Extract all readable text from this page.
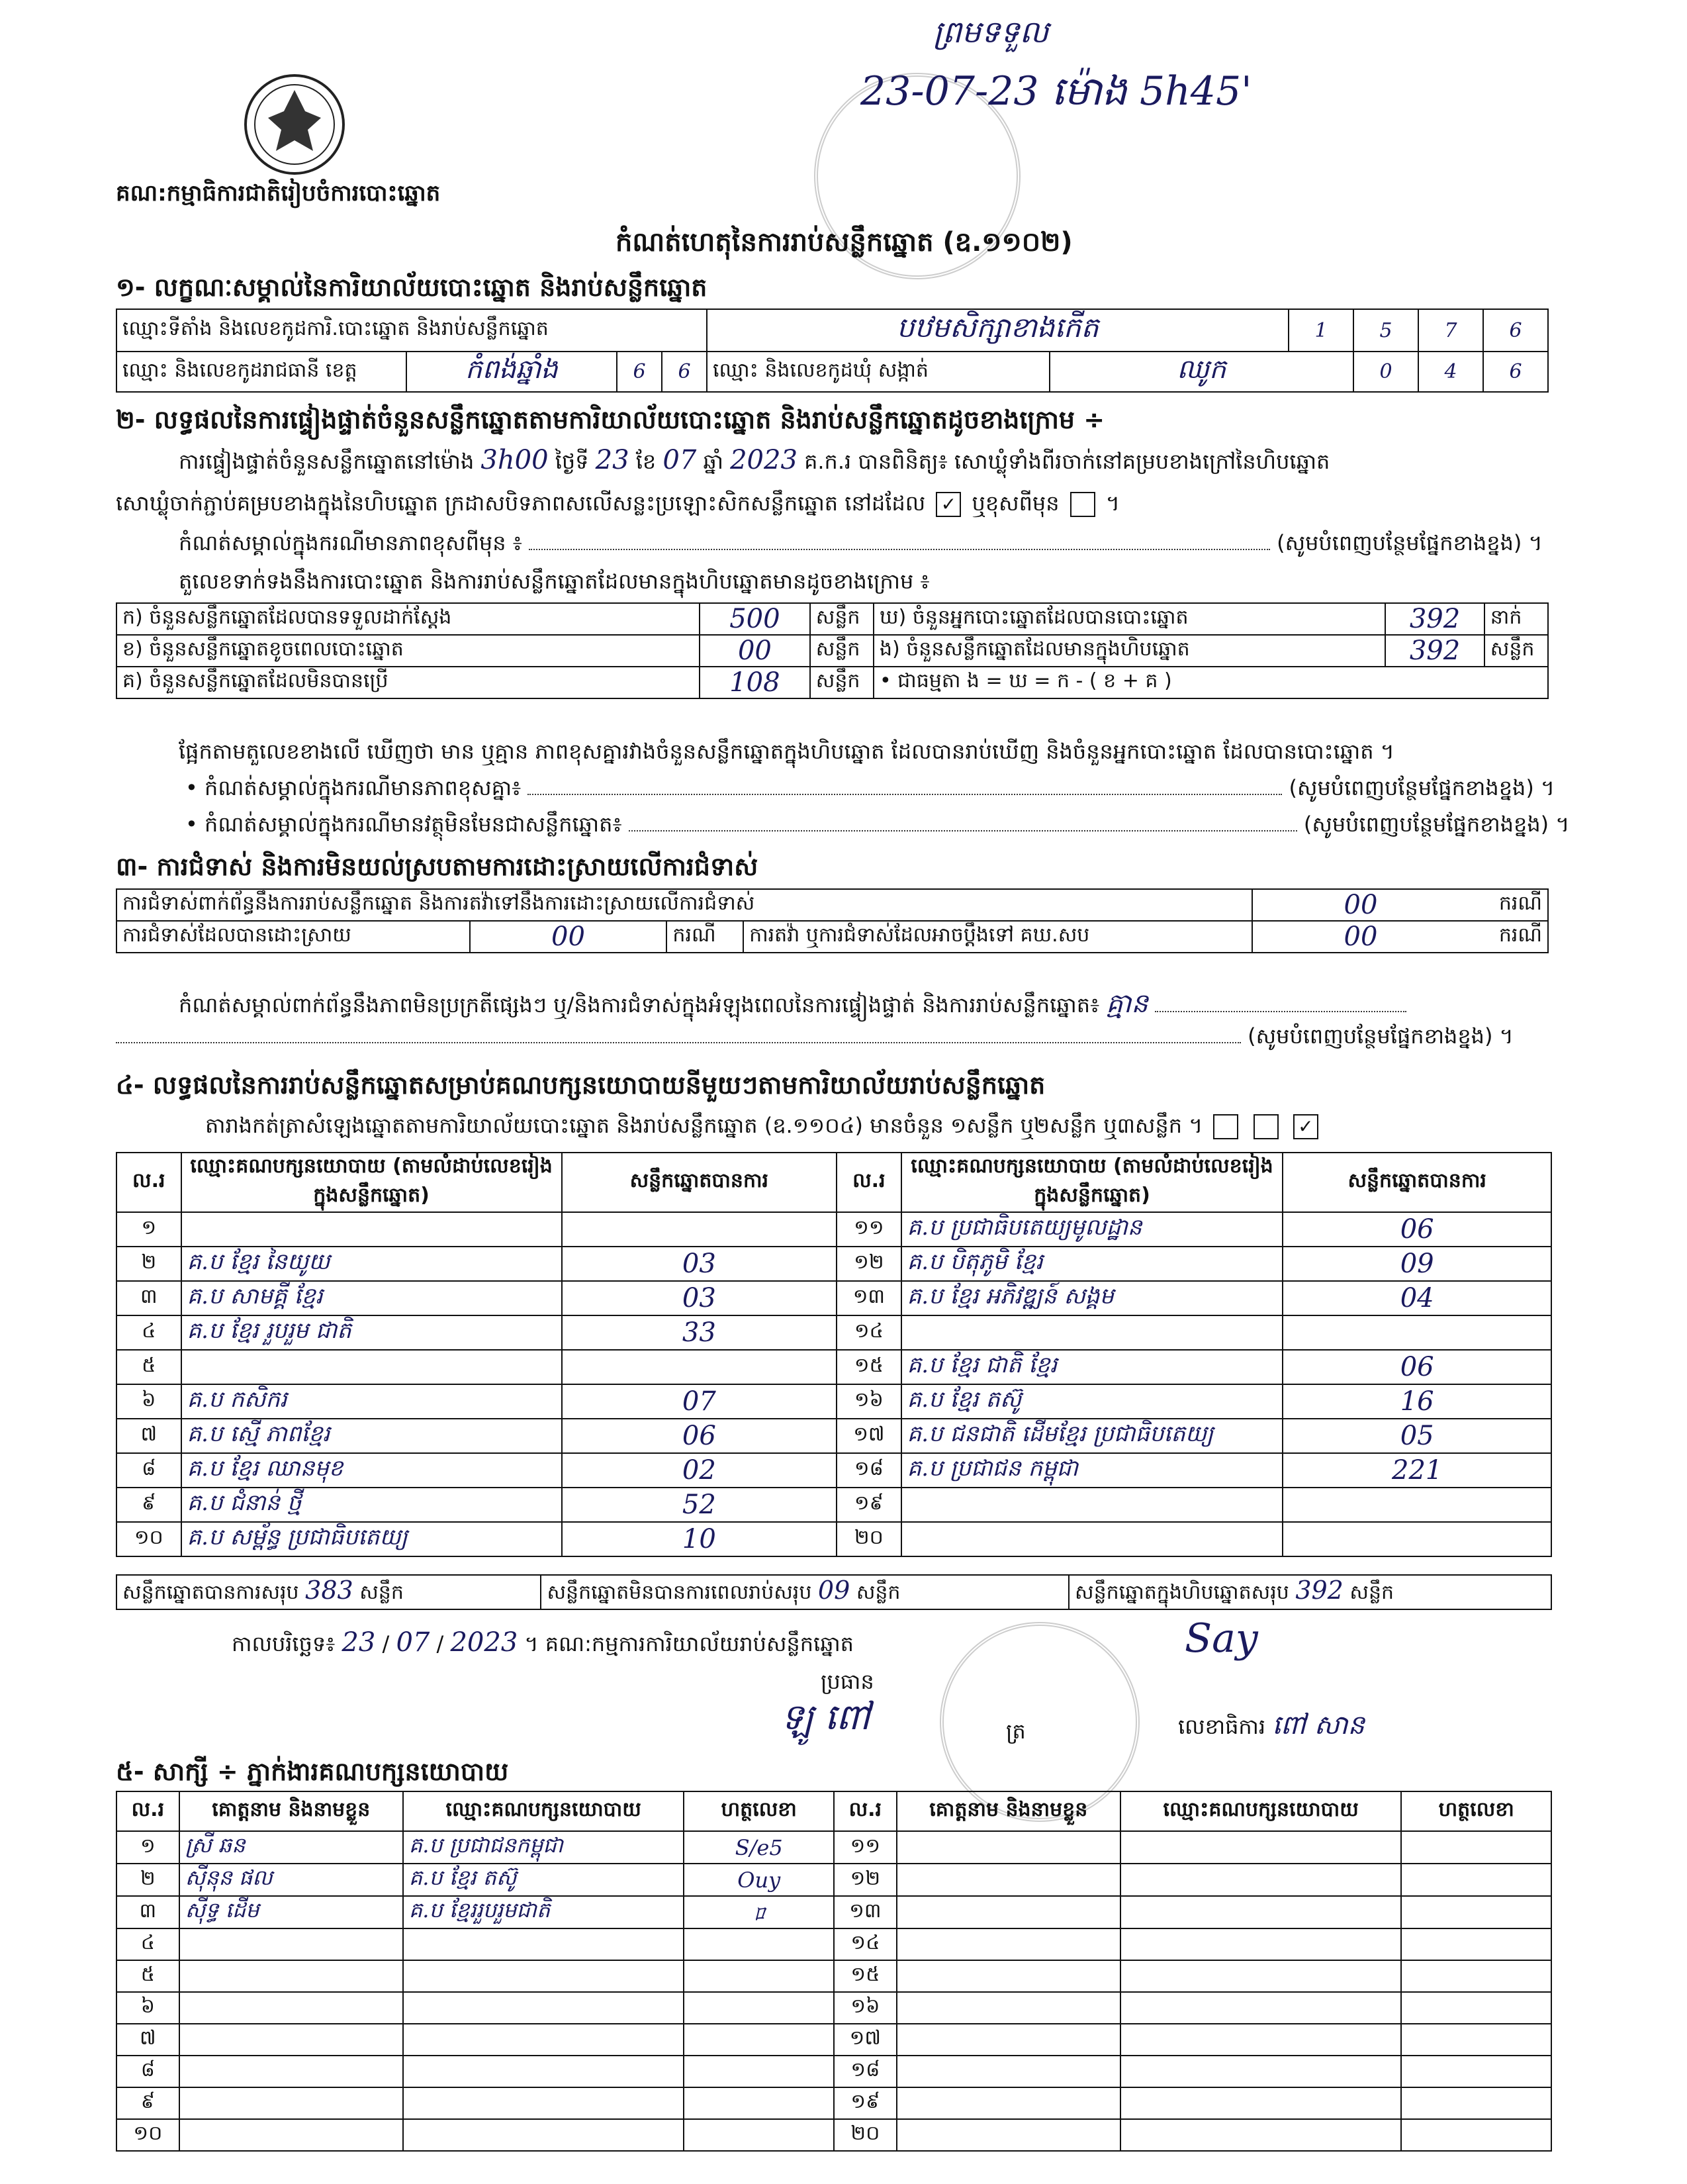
ព្រមទទួល
23-07-23 ម៉ោង 5h45'
គណ:កម្មាធិការជាតិរៀបចំការបោះឆ្នោត
កំណត់ហេតុនៃការរាប់សន្លឹកឆ្នោត (ឧ.១១០២)
១- លក្ខណៈសម្គាល់នៃការិយាល័យបោះឆ្នោត និងរាប់សន្លឹកឆ្នោត
ឈ្មោះទីតាំង និងលេខកូដការិ.បោះឆ្នោត និងរាប់សន្លឹកឆ្នោត				បឋមសិក្សាខាងកើត		1	5	7	6
ឈ្មោះ និងលេខកូដរាជធានី ខេត្ត	កំពង់ឆ្នាំង	6	6	ឈ្មោះ និងលេខកូដឃុំ សង្កាត់	ឈូក		0	4	6
២- លទ្ធផលនៃការផ្ទៀងផ្ទាត់ចំនួនសន្លឹកឆ្នោតតាមការិយាល័យបោះឆ្នោត និងរាប់សន្លឹកឆ្នោតដូចខាងក្រោម ÷
ការផ្ទៀងផ្ទាត់ចំនួនសន្លឹកឆ្នោតនៅម៉ោង 3h00 ថ្ងៃទី 23 ខែ 07 ឆ្នាំ 2023 គ.ក.រ បានពិនិត្យ៖ សោឃ្លុំទាំងពីរចាក់នៅគម្របខាងក្រៅនៃហិបឆ្នោត
សោឃ្លុំចាក់ភ្ជាប់គម្របខាងក្នុងនៃហិបឆ្នោត ក្រដាសបិទភាពសលើសន្លះប្រឡោះសិកសន្លឹកឆ្នោត នៅដដែល ✓ ឬខុសពីមុន  ។
កំណត់សម្គាល់ក្នុងករណីមានភាពខុសពីមុន ៖	(សូមបំពេញបន្ថែមផ្នែកខាងខ្នង) ។
តួលេខទាក់ទងនឹងការបោះឆ្នោត និងការរាប់សន្លឹកឆ្នោតដែលមានក្នុងហិបឆ្នោតមានដូចខាងក្រោម ៖
ក) ចំនួនសន្លឹកឆ្នោតដែលបានទទួលដាក់ស្តែង	500	សន្លឹក	ឃ) ចំនួនអ្នកបោះឆ្នោតដែលបានបោះឆ្នោត	392	នាក់
ខ) ចំនួនសន្លឹកឆ្នោតខូចពេលបោះឆ្នោត	00	សន្លឹក	ង) ចំនួនសន្លឹកឆ្នោតដែលមានក្នុងហិបឆ្នោត	392	សន្លឹក
គ) ចំនួនសន្លឹកឆ្នោតដែលមិនបានប្រើ	108	សន្លឹក	• ជាធម្មតា ង = ឃ = ក - ( ខ + គ )		
ផ្អែកតាមតួលេខខាងលើ ឃើញថា មាន ឬគ្មាន ភាពខុសគ្នារវាងចំនួនសន្លឹកឆ្នោតក្នុងហិបឆ្នោត ដែលបានរាប់ឃើញ និងចំនួនអ្នកបោះឆ្នោត ដែលបានបោះឆ្នោត ។
• កំណត់សម្គាល់ក្នុងករណីមានភាពខុសគ្នា៖	(សូមបំពេញបន្ថែមផ្នែកខាងខ្នង) ។
• កំណត់សម្គាល់ក្នុងករណីមានវត្ថុមិនមែនជាសន្លឹកឆ្នោត៖	(សូមបំពេញបន្ថែមផ្នែកខាងខ្នង) ។
៣- ការជំទាស់ និងការមិនយល់ស្របតាមការដោះស្រាយលើការជំទាស់
ការជំទាស់ពាក់ព័ន្ធនឹងការរាប់សន្លឹកឆ្នោត និងការតវ៉ាទៅនឹងការដោះស្រាយលើការជំទាស់				00	ករណី
ការជំទាស់ដែលបានដោះស្រាយ	00	ករណី	ការតវ៉ា ឬការជំទាស់ដែលអាចប្តឹងទៅ គឃ.សប	00	ករណី
កំណត់សម្គាល់ពាក់ព័ន្ធនឹងភាពមិនប្រក្រតីផ្សេងៗ ឬ/និងការជំទាស់ក្នុងអំឡុងពេលនៃការផ្ទៀងផ្ទាត់ និងការរាប់សន្លឹកឆ្នោត៖ គ្មាន
(សូមបំពេញបន្ថែមផ្នែកខាងខ្នង) ។
៤- លទ្ធផលនៃការរាប់សន្លឹកឆ្នោតសម្រាប់គណបក្សនយោបាយនីមួយៗតាមការិយាល័យរាប់សន្លឹកឆ្នោត
តារាងកត់ត្រាសំឡេងឆ្នោតតាមការិយាល័យបោះឆ្នោត និងរាប់សន្លឹកឆ្នោត (ឧ.១១០៤) មានចំនួន ១សន្លឹក ឬ២សន្លឹក ឬ៣សន្លឹក ។	✓
ល.រ	ឈ្មោះគណបក្សនយោបាយ (តាមលំដាប់លេខរៀងក្នុងសន្លឹកឆ្នោត)	សន្លឹកឆ្នោតបានការ	ល.រ	ឈ្មោះគណបក្សនយោបាយ (តាមលំដាប់លេខរៀងក្នុងសន្លឹកឆ្នោត)	សន្លឹកឆ្នោតបានការ
១			១១	គ.ប ប្រជាធិបតេយ្យមូលដ្ឋាន	06
២	គ.ប ខ្មែរ នៃយូយ	03	១២	គ.ប បិតុភូមិ ខ្មែរ	09
៣	គ.ប សាមគ្គី ខ្មែរ	03	១៣	គ.ប ខ្មែរ អភិវឌ្ឍន៍ សង្គម	04
៤	គ.ប ខ្មែរ រួបរួម ជាតិ	33	១៤		
៥			១៥	គ.ប ខ្មែរ ជាតិ ខ្មែរ	06
៦	គ.ប កសិករ	07	១៦	គ.ប ខ្មែរ តស៊ូ	16
៧	គ.ប ស្មើ ភាពខ្មែរ	06	១៧	គ.ប ជនជាតិ ដើមខ្មែរ ប្រជាធិបតេយ្យ	05
៨	គ.ប ខ្មែរ ឈានមុខ	02	១៨	គ.ប ប្រជាជន កម្ពុជា	221
៩	គ.ប ជំនាន់ ថ្មី	52	១៩		
១០	គ.ប សម្ព័ន្ធ ប្រជាធិបតេយ្យ	10	២០		
សន្លឹកឆ្នោតបានការសរុប 383 សន្លឹក	សន្លឹកឆ្នោតមិនបានការពេលរាប់សរុប 09 សន្លឹក	សន្លឹកឆ្នោតក្នុងហិបឆ្នោតសរុប 392 សន្លឹក
កាលបរិច្ឆេទ៖ 23 / 07 / 2023 ។ គណ:កម្មការការិយាល័យរាប់សន្លឹកឆ្នោត
ប្រធាន
ឡូ ពៅ	ត្រ
Say
លេខាធិការ ពៅ សាន
៥- សាក្សី ÷ ភ្នាក់ងារគណបក្សនយោបាយ
ល.រ	គោត្តនាម និងនាមខ្លួន	ឈ្មោះគណបក្សនយោបាយ	ហត្ថលេខា	ល.រ	គោត្តនាម និងនាមខ្លួន	ឈ្មោះគណបក្សនយោបាយ	ហត្ថលេខា
១	ស្រី ឆន	គ.ប ប្រជាជនកម្ពុជា	S/e5	១១			
២	ស៊ីនុន ផល	គ.ប ខ្មែរ តស៊ូ	Ouy	១២			
៣	ស៊ីទ្ធ ដើម	គ.ប ខ្មែររួបរួមជាតិ	ﾛ	១៣			
៤				១៤			
៥				១៥			
៦				១៦			
៧				១៧			
៨				១៨			
៩				១៩			
១០				២០			
